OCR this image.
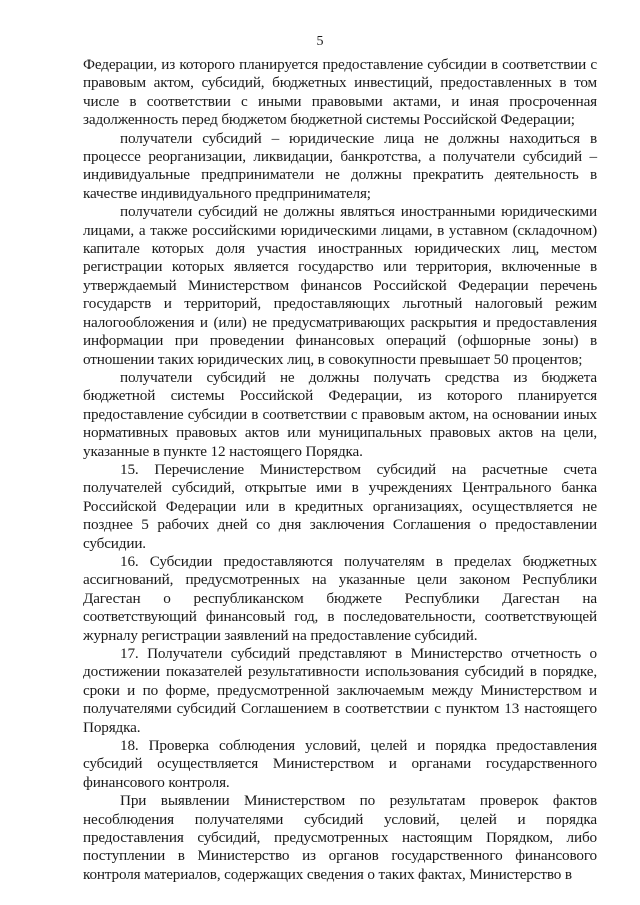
5

Федерации, из которого планируется предоставление субсидии в соответствии с правовым актом, субсидий, бюджетных инвестиций, предоставленных в том числе в соответствии с иными правовыми актами, и иная просроченная задолженность перед бюджетом бюджетной системы Российской Федерации;

получатели субсидий – юридические лица не должны находиться в процессе реорганизации, ликвидации, банкротства, а получатели субсидий – индивидуальные предприниматели не должны прекратить деятельность в качестве индивидуального предпринимателя;

получатели субсидий не должны являться иностранными юридическими лицами, а также российскими юридическими лицами, в уставном (складочном) капитале которых доля участия иностранных юридических лиц, местом регистрации которых является государство или территория, включенные в утверждаемый Министерством финансов Российской Федерации перечень государств и территорий, предоставляющих льготный налоговый режим налогообложения и (или) не предусматривающих раскрытия и предоставления информации при проведении финансовых операций (офшорные зоны) в отношении таких юридических лиц, в совокупности превышает 50 процентов;

получатели субсидий не должны получать средства из бюджета бюджетной системы Российской Федерации, из которого планируется предоставление субсидии в соответствии с правовым актом, на основании иных нормативных правовых актов или муниципальных правовых актов на цели, указанные в пункте 12 настоящего Порядка.

15. Перечисление Министерством субсидий на расчетные счета получателей субсидий, открытые ими в учреждениях Центрального банка Российской Федерации или в кредитных организациях, осуществляется не позднее 5 рабочих дней со дня заключения Соглашения о предоставлении субсидии.

16. Субсидии предоставляются получателям в пределах бюджетных ассигнований, предусмотренных на указанные цели законом Республики Дагестан о республиканском бюджете Республики Дагестан на соответствующий финансовый год, в последовательности, соответствующей журналу регистрации заявлений на предоставление субсидий.

17. Получатели субсидий представляют в Министерство отчетность о достижении показателей результативности использования субсидий в порядке, сроки и по форме, предусмотренной заключаемым между Министерством и получателями субсидий Соглашением в соответствии с пунктом 13 настоящего Порядка.

18. Проверка соблюдения условий, целей и порядка предоставления субсидий осуществляется Министерством и органами государственного финансового контроля.

При выявлении Министерством по результатам проверок фактов несоблюдения получателями субсидий условий, целей и порядка предоставления субсидий, предусмотренных настоящим Порядком, либо поступлении в Министерство из органов государственного финансового контроля материалов, содержащих сведения о таких фактах, Министерство в
